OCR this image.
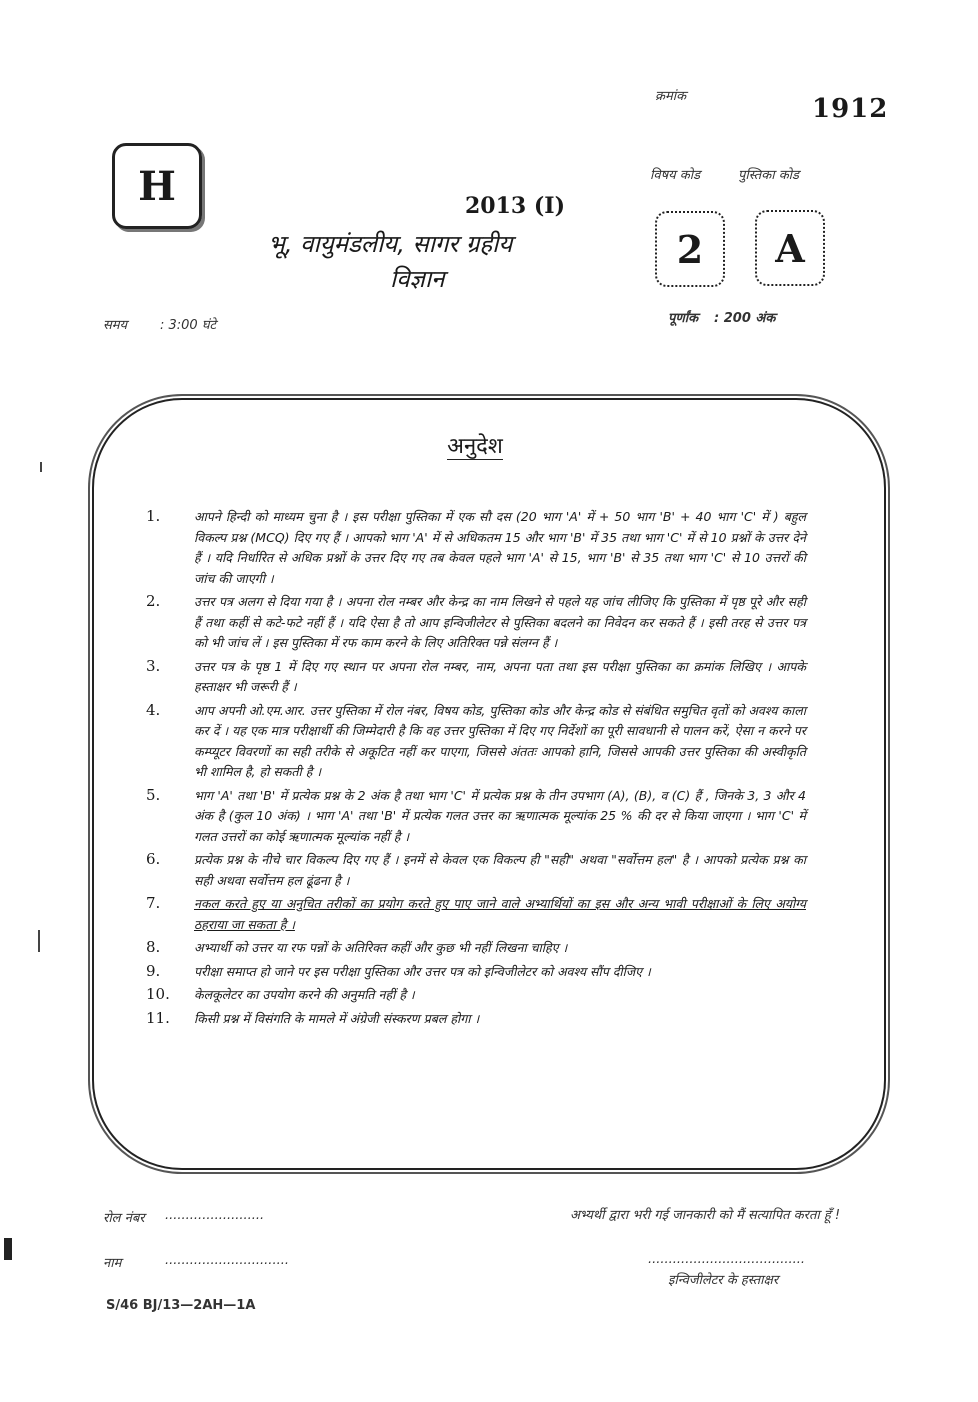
क्रमांक	1912
H	विषय कोड	पुस्तिका कोड
2 A
2013 (I)
भू, वायुमंडलीय, सागर ग्रहीय
विज्ञान
समय	: 3:00 घंटे	पूर्णांक : 200 अंक
अनुदेश
1.	आपने हिन्दी को माध्यम चुना है । इस परीक्षा पुस्तिका में एक सौ दस (20 भाग 'A' में + 50 भाग 'B' + 40 भाग 'C' में ) बहुल विकल्प प्रश्न (MCQ) दिए गए हैं । आपको भाग 'A' में से अधिकतम 15 और भाग 'B' में 35 तथा भाग 'C' में से 10 प्रश्नों के उत्तर देने हैं । यदि निर्धारित से अधिक प्रश्नों के उत्तर दिए गए तब केवल पहले भाग 'A' से 15, भाग 'B' से 35 तथा भाग 'C' से 10 उत्तरों की जांच की जाएगी ।
2.	उत्तर पत्र अलग से दिया गया है । अपना रोल नम्बर और केन्द्र का नाम लिखने से पहले यह जांच लीजिए कि पुस्तिका में पृष्ठ पूरे और सही हैं तथा कहीं से कटे-फटे नहीं हैं । यदि ऐसा है तो आप इन्विजीलेटर से पुस्तिका बदलने का निवेदन कर सकते हैं । इसी तरह से उत्तर पत्र को भी जांच लें । इस पुस्तिका में रफ काम करने के लिए अतिरिक्त पन्ने संलग्न हैं ।
3.	उत्तर पत्र के पृष्ठ 1 में दिए गए स्थान पर अपना रोल नम्बर, नाम, अपना पता तथा इस परीक्षा पुस्तिका का क्रमांक लिखिए । आपके हस्ताक्षर भी जरूरी हैं ।
4.	आप अपनी ओ.एम.आर. उत्तर पुस्तिका में रोल नंबर, विषय कोड, पुस्तिका कोड और केन्द्र कोड से संबंधित समुचित वृतों को अवश्य काला कर दें । यह एक मात्र परीक्षार्थी की जिम्मेदारी है कि वह उत्तर पुस्तिका में दिए गए निर्देशों का पूरी सावधानी से पालन करें, ऐसा न करने पर कम्प्यूटर विवरणों का सही तरीके से अकूटित नहीं कर पाएगा, जिससे अंततः आपको हानि, जिससे आपकी उत्तर पुस्तिका की अस्वीकृति भी शामिल है, हो सकती है ।
5.	भाग 'A' तथा 'B' में प्रत्येक प्रश्न के 2 अंक है तथा भाग 'C' में प्रत्येक प्रश्न के तीन उपभाग (A), (B), व (C) हैं , जिनके 3, 3 और 4 अंक है (कुल 10 अंक) । भाग 'A' तथा 'B' में प्रत्येक गलत उत्तर का ऋणात्मक मूल्यांक 25 % की दर से किया जाएगा । भाग 'C' में गलत उत्तरों का कोई ऋणात्मक मूल्यांक नहीं है ।
6.	प्रत्येक प्रश्न के नीचे चार विकल्प दिए गए हैं । इनमें से केवल एक विकल्प ही "सही" अथवा "सर्वोत्तम हल" है । आपको प्रत्येक प्रश्न का सही अथवा सर्वोत्तम हल ढूंढना है ।
7.	नकल करते हुए या अनुचित तरीकों का प्रयोग करते हुए पाए जाने वाले अभ्यार्थियों का इस और अन्य भावी परीक्षाओं के लिए अयोग्य ठहराया जा सकता है ।
8.	अभ्यार्थी को उत्तर या रफ पन्नों के अतिरिक्त कहीं और कुछ भी नहीं लिखना चाहिए ।
9.	परीक्षा समाप्त हो जाने पर इस परीक्षा पुस्तिका और उत्तर पत्र को इन्विजीलेटर को अवश्य सौंप दीजिए ।
10.	केलकूलेटर का उपयोग करने की अनुमति नहीं है ।
11.	किसी प्रश्न में विसंगति के मामले में अंग्रेजी संस्करण प्रबल होगा ।
रोल नंबर ........................
नाम	..............................
अभ्यर्थी द्वारा भरी गई जानकारी को मैं सत्यापित करता हूँ !
......................................
इन्विजीलेटर के हस्ताक्षर
S/46 BJ/13—2AH—1A
